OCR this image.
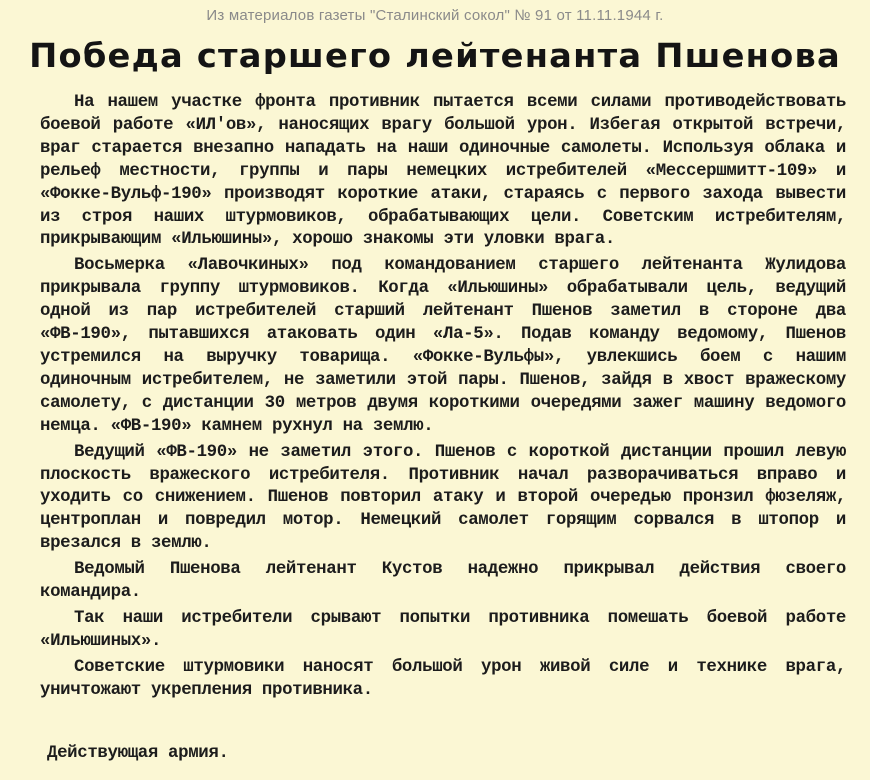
Из материалов газеты "Сталинский сокол" № 91 от 11.11.1944 г.
Победа старшего лейтенанта Пшенова

На нашем участке фронта противник пытается всеми силами противодействовать боевой работе «ИЛ'ов», наносящих врагу большой урон. Избегая открытой встречи, враг старается внезапно нападать на наши одиночные самолеты. Используя облака и рельеф местности, группы и пары немецких истребителей «Мессершмитт-109» и «Фокке-Вульф-190» производят короткие атаки, стараясь с первого захода вывести из строя наших штурмовиков, обрабатывающих цели. Советским истребителям, прикрывающим «Ильюшины», хорошо знакомы эти уловки врага.

Восьмерка «Лавочкиных» под командованием старшего лейтенанта Жулидова прикрывала группу штурмовиков. Когда «Ильюшины» обрабатывали цель, ведущий одной из пар истребителей старший лейтенант Пшенов заметил в стороне два «ФВ-190», пытавшихся атаковать один «Ла-5». Подав команду ведомому, Пшенов устремился на выручку товарища. «Фокке-Вульфы», увлекшись боем с нашим одиночным истребителем, не заметили этой пары. Пшенов, зайдя в хвост вражескому самолету, с дистанции 30 метров двумя короткими очередями зажег машину ведомого немца. «ФВ-190» камнем рухнул на землю.

Ведущий «ФВ-190» не заметил этого. Пшенов с короткой дистанции прошил левую плоскость вражеского истребителя. Противник начал разворачиваться вправо и уходить со снижением. Пшенов повторил атаку и второй очередью пронзил фюзеляж, центроплан и повредил мотор. Немецкий самолет горящим сорвался в штопор и врезался в землю.

Ведомый Пшенова лейтенант Кустов надежно прикрывал действия своего командира.

Так наши истребители срывают попытки противника помешать боевой работе «Ильюшиных».

Советские штурмовики наносят большой урон живой силе и технике врага, уничтожают укрепления противника.

Действующая армия.
